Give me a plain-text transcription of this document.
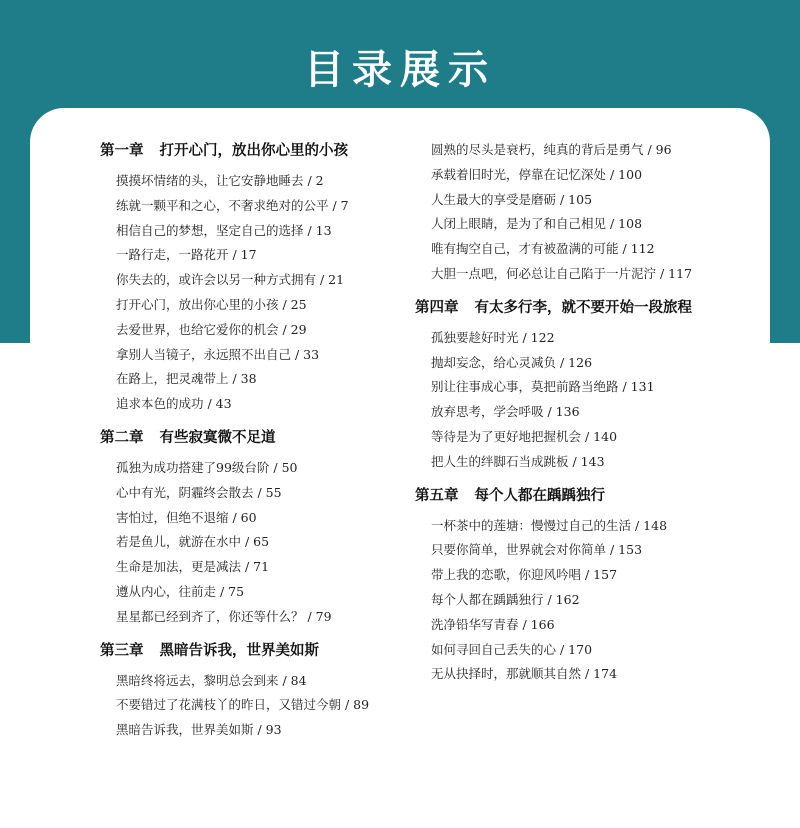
目录展示
第一章 打开心门，放出你心里的小孩
摸摸坏情绪的头，让它安静地睡去 / 2
练就一颗平和之心，不奢求绝对的公平 / 7
相信自己的梦想，坚定自己的选择 / 13
一路行走，一路花开 / 17
你失去的，或许会以另一种方式拥有 / 21
打开心门，放出你心里的小孩 / 25
去爱世界，也给它爱你的机会 / 29
拿别人当镜子，永远照不出自己 / 33
在路上，把灵魂带上 / 38
追求本色的成功 / 43
第二章 有些寂寞微不足道
孤独为成功搭建了99级台阶 / 50
心中有光，阴霾终会散去 / 55
害怕过，但绝不退缩 / 60
若是鱼儿，就游在水中 / 65
生命是加法，更是减法 / 71
遵从内心，往前走 / 75
星星都已经到齐了，你还等什么？ / 79
第三章 黑暗告诉我，世界美如斯
黑暗终将远去，黎明总会到来 / 84
不要错过了花满枝丫的昨日，又错过今朝 / 89
黑暗告诉我，世界美如斯 / 93
圆熟的尽头是衰朽，纯真的背后是勇气 / 96
承载着旧时光，停靠在记忆深处 / 100
人生最大的享受是磨砺 / 105
人闭上眼睛，是为了和自己相见 / 108
唯有掏空自己，才有被盈满的可能 / 112
大胆一点吧，何必总让自己陷于一片泥泞 / 117
第四章 有太多行李，就不要开始一段旅程
孤独要趁好时光 / 122
抛却妄念，给心灵减负 / 126
别让往事成心事，莫把前路当绝路 / 131
放弃思考，学会呼吸 / 136
等待是为了更好地把握机会 / 140
把人生的绊脚石当成跳板 / 143
第五章 每个人都在踽踽独行
一杯茶中的莲塘：慢慢过自己的生活 / 148
只要你简单，世界就会对你简单 / 153
带上我的恋歌，你迎风吟唱 / 157
每个人都在踽踽独行 / 162
洗净铅华写青春 / 166
如何寻回自己丢失的心 / 170
无从抉择时，那就顺其自然 / 174
